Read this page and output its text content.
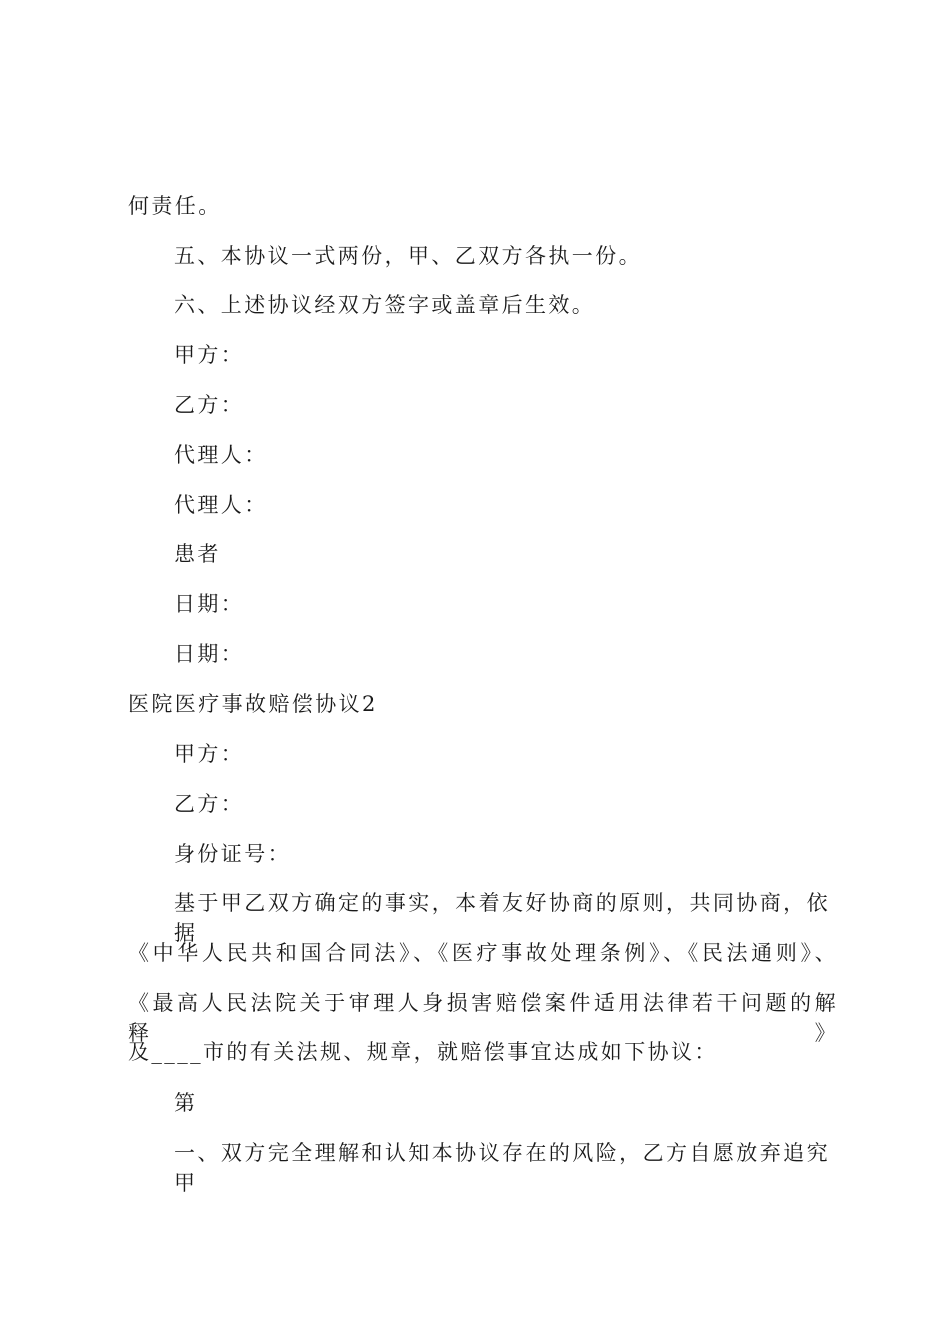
何责任。
五、本协议一式两份，甲、乙双方各执一份。
六、上述协议经双方签字或盖章后生效。
甲方：
乙方：
代理人：
代理人：
患者
日期：
日期：
医院医疗事故赔偿协议2
甲方：
乙方：
身份证号：
基于甲乙双方确定的事实，本着友好协商的原则，共同协商，依据
《中华人民共和国合同法》、《医疗事故处理条例》、《民法通则》、
《最高人民法院关于审理人身损害赔偿案件适用法律若干问题的解释》
及____市的有关法规、规章，就赔偿事宜达成如下协议：
第
一、双方完全理解和认知本协议存在的风险，乙方自愿放弃追究甲
